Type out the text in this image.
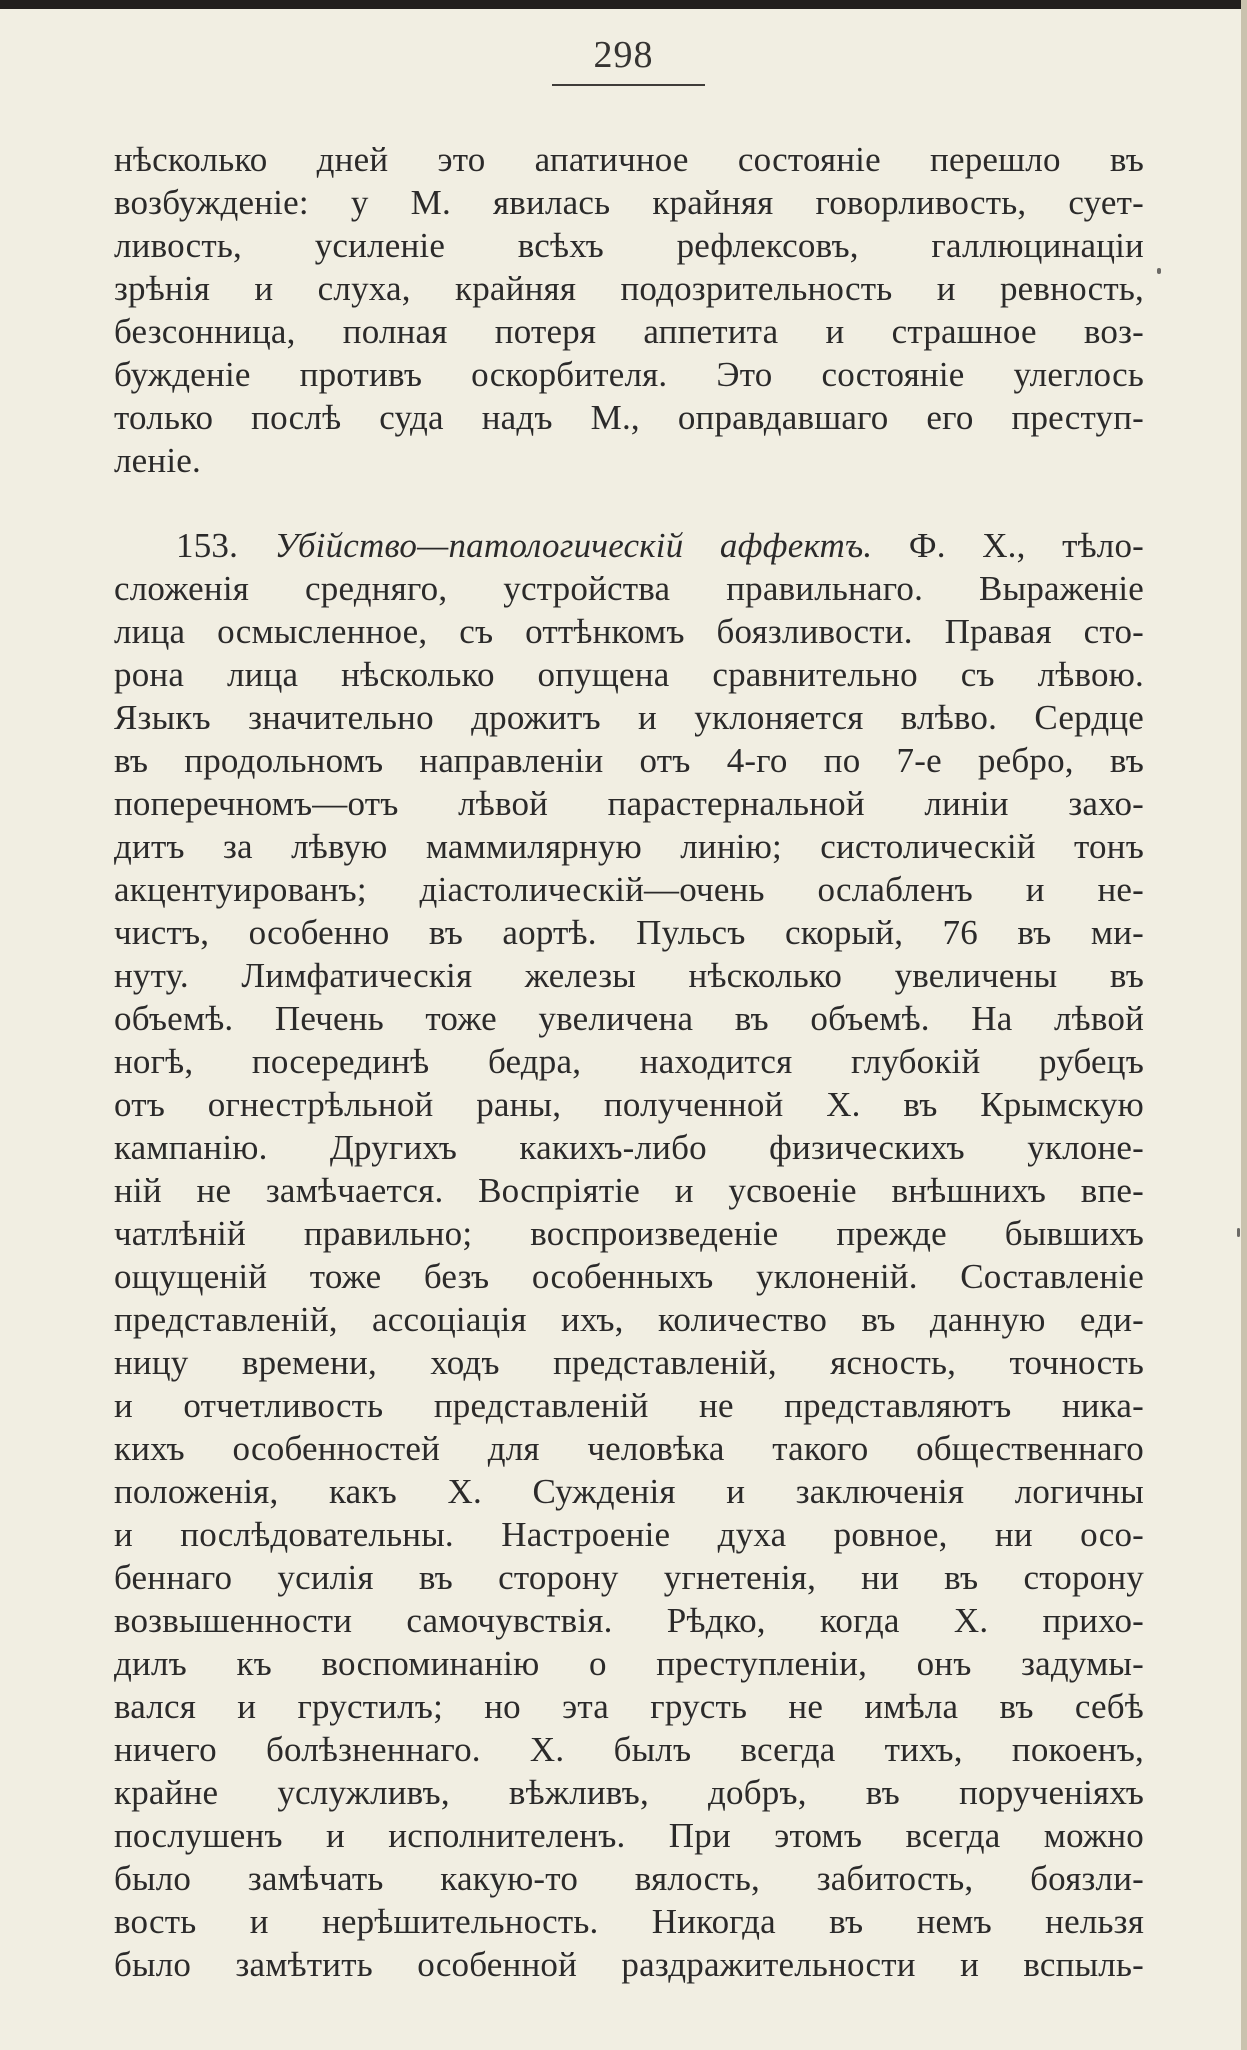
298
нѣсколько дней это апатичное состояніе перешло въ
возбужденіе: у М. явилась крайняя говорливость, сует-
ливость, усиленіе всѣхъ рефлексовъ, галлюцинаціи
зрѣнія и слуха, крайняя подозрительность и ревность,
безсонница, полная потеря аппетита и страшное воз-
бужденіе противъ оскорбителя. Это состояніе улеглось
только послѣ суда надъ М., оправдавшаго его преступ-
леніе.
153. Убійство—патологическій аффектъ. Ф. Х., тѣло-
сложенія средняго, устройства правильнаго. Выраженіе
лица осмысленное, съ оттѣнкомъ боязливости. Правая сто-
рона лица нѣсколько опущена сравнительно съ лѣвою.
Языкъ значительно дрожитъ и уклоняется влѣво. Сердце
въ продольномъ направленіи отъ 4-го по 7-е ребро, въ
поперечномъ—отъ лѣвой парастернальной линіи захо-
дитъ за лѣвую маммилярную линію; систолическій тонъ
акцентуированъ; діастолическій—очень ослабленъ и не-
чистъ, особенно въ аортѣ. Пульсъ скорый, 76 въ ми-
нуту. Лимфатическія железы нѣсколько увеличены въ
объемѣ. Печень тоже увеличена въ объемѣ. На лѣвой
ногѣ, посерединѣ бедра, находится глубокій рубецъ
отъ огнестрѣльной раны, полученной Х. въ Крымскую
кампанію. Другихъ какихъ-либо физическихъ уклоне-
ній не замѣчается. Воспріятіе и усвоеніе внѣшнихъ впе-
чатлѣній правильно; воспроизведеніе прежде бывшихъ
ощущеній тоже безъ особенныхъ уклоненій. Составленіе
представленій, ассоціація ихъ, количество въ данную еди-
ницу времени, ходъ представленій, ясность, точность
и отчетливость представленій не представляютъ ника-
кихъ особенностей для человѣка такого общественнаго
положенія, какъ Х. Сужденія и заключенія логичны
и послѣдовательны. Настроеніе духа ровное, ни осо-
беннаго усилія въ сторону угнетенія, ни въ сторону
возвышенности самочувствія. Рѣдко, когда Х. прихо-
дилъ къ воспоминанію о преступленіи, онъ задумы-
вался и грустилъ; но эта грусть не имѣла въ себѣ
ничего болѣзненнаго. Х. былъ всегда тихъ, покоенъ,
крайне услужливъ, вѣжливъ, добръ, въ порученіяхъ
послушенъ и исполнителенъ. При этомъ всегда можно
было замѣчать какую-то вялость, забитость, боязли-
вость и нерѣшительность. Никогда въ немъ нельзя
было замѣтить особенной раздражительности и вспыль-
